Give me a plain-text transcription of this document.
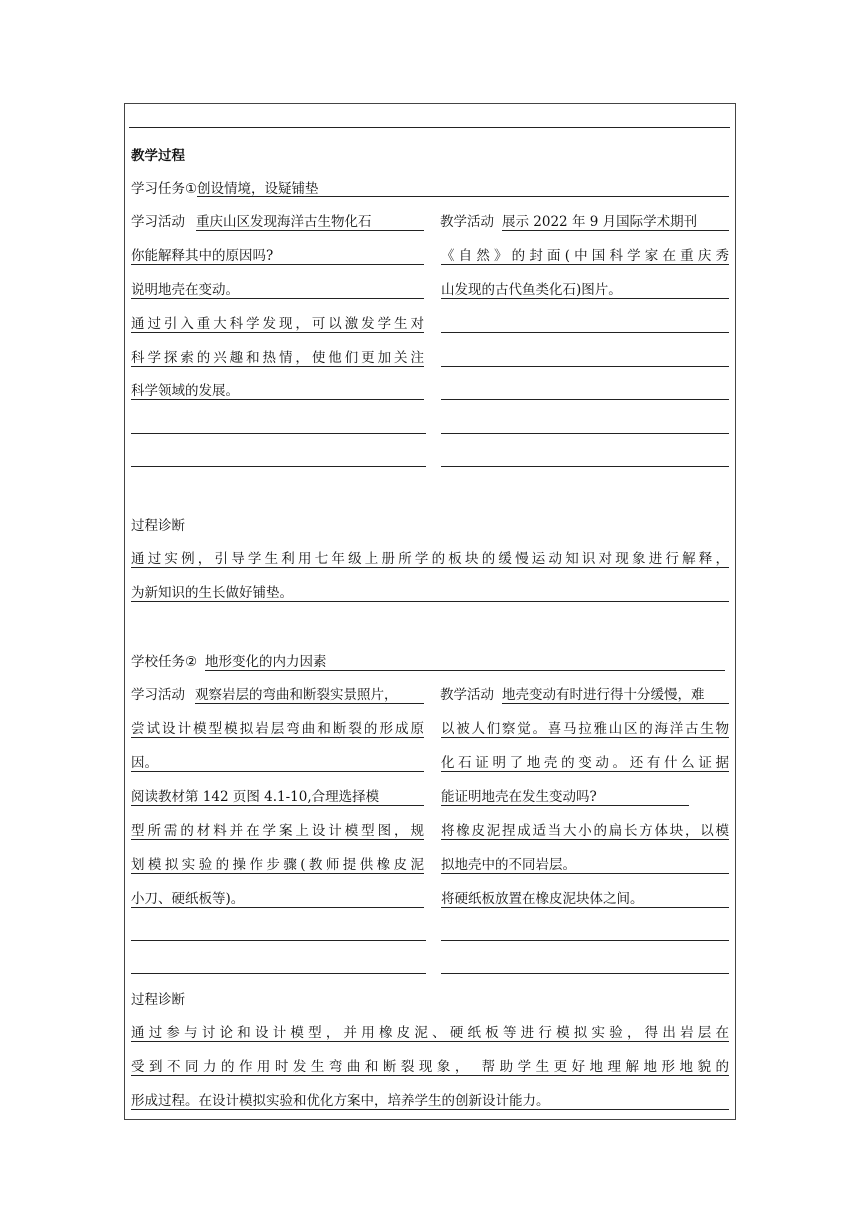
教学过程
学习任务① 创设情境，设疑铺垫
学习活动 重庆山区发现海洋古生物化石
你能解释其中的原因吗?
说明地壳在变动。
通过引入重大科学发现，可以激发学生对
科学探索的兴趣和热情，使他们更加关注
科学领域的发展。
教学活动 展示 2022 年 9 月国际学术期刊
《自然》的封面(中国科学家在重庆秀
山发现的古代鱼类化石)图片。
过程诊断
通过实例，引导学生利用七年级上册所学的板块的缓慢运动知识对现象进行解释，
为新知识的生长做好铺垫。
学校任务② 地形变化的内力因素
学习活动 观察岩层的弯曲和断裂实景照片，
尝试设计模型模拟岩层弯曲和断裂的形成原
因。
阅读教材第 142 页图 4.1-10,合理选择模
型所需的材料并在学案上设计模型图，规
划模拟实验的操作步骤(教师提供橡皮泥
小刀、硬纸板等)。
教学活动 地壳变动有时进行得十分缓慢，难
以被人们察觉。喜马拉雅山区的海洋古生物
化石证明了地壳的变动。还有什么证据
能证明地壳在发生变动吗?
将橡皮泥捏成适当大小的扁长方体块，以模
拟地壳中的不同岩层。
将硬纸板放置在橡皮泥块体之间。
过程诊断
通过参与讨论和设计模型，并用橡皮泥、硬纸板等进行模拟实验，得出岩层在
受到不同力的作用时发生弯曲和断裂现象， 帮助学生更好地理解地形地貌的
形成过程。在设计模拟实验和优化方案中，培养学生的创新设计能力。
